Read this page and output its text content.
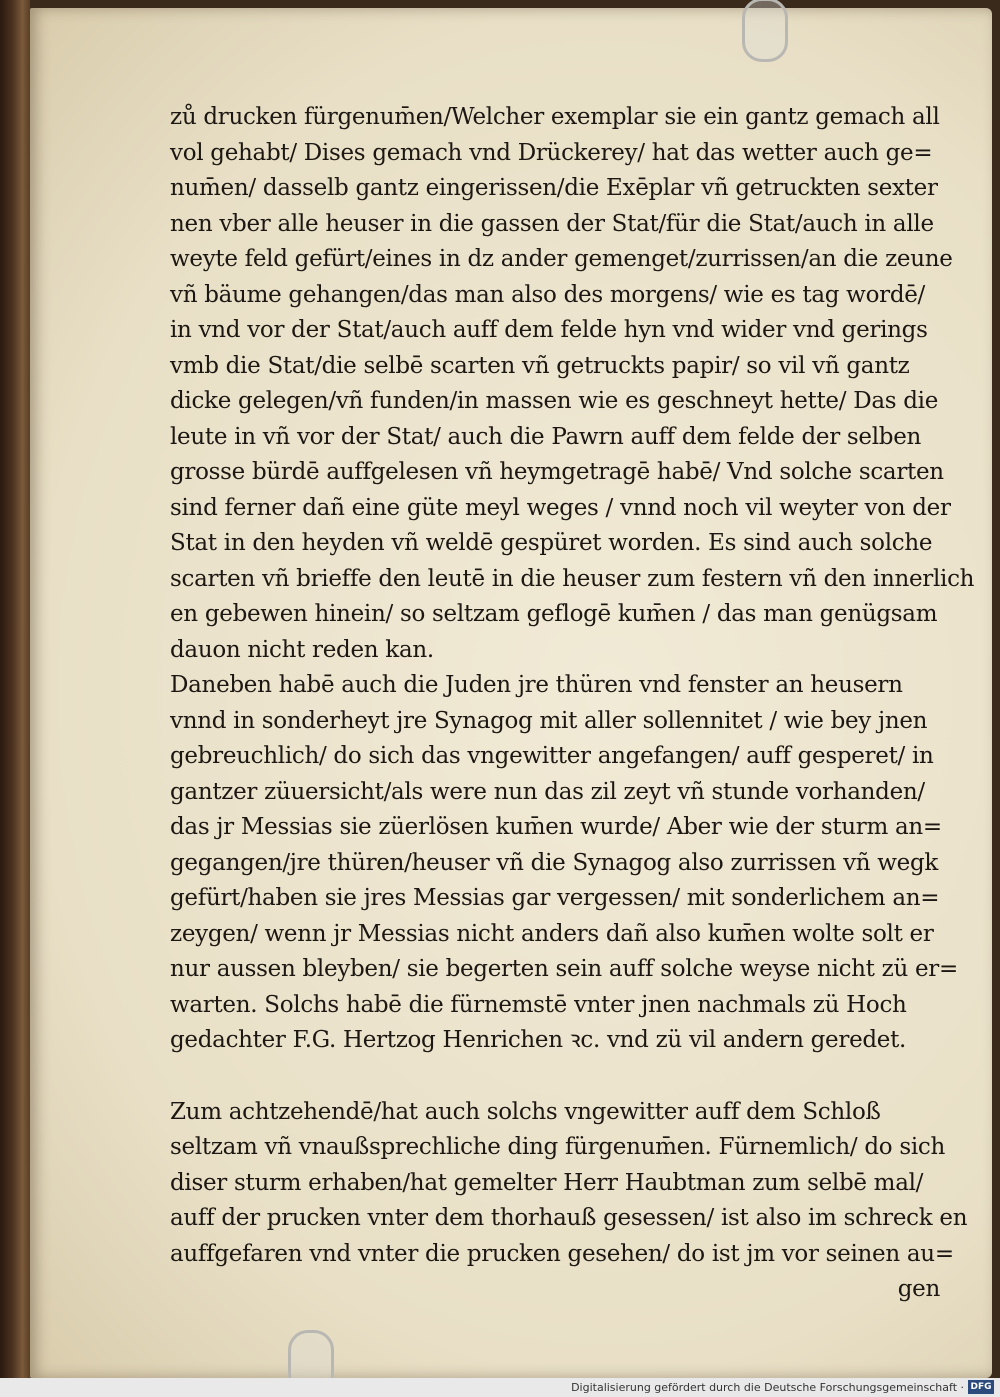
zů drucken fürgenum̄en/Welcher exemplar sie ein gantz gemach all
vol gehabt/ Dises gemach vnd Drückerey/ hat das wetter auch ge=
num̄en/ dasselb gantz eingerissen/die Exēplar vñ getruckten sexter
nen vber alle heuser in die gassen der Stat/für die Stat/auch in alle
weyte feld gefürt/eines in dz ander gemenget/zurrissen/an die zeune
vñ bäume gehangen/das man also des morgens/ wie es tag wordē/
in vnd vor der Stat/auch auff dem felde hyn vnd wider vnd gerings
vmb die Stat/die selbē scarten vñ getruckts papir/ so vil vñ gantz
dicke gelegen/vñ funden/in massen wie es geschneyt hette/ Das die
leute in vñ vor der Stat/ auch die Pawrn auff dem felde der selben
grosse bürdē auffgelesen vñ heymgetragē habē/ Vnd solche scarten
sind ferner dañ eine güte meyl weges / vnnd noch vil weyter von der
Stat in den heyden vñ weldē gespüret worden. Es sind auch solche
scarten vñ brieffe den leutē in die heuser zum festern vñ den innerlich
en gebewen hinein/ so seltzam geflogē kum̄en / das man genügsam
dauon nicht reden kan.
Daneben habē auch die Juden jre thüren vnd fenster an heusern
vnnd in sonderheyt jre Synagog mit aller sollennitet / wie bey jnen
gebreuchlich/ do sich das vngewitter angefangen/ auff gesperet/ in
gantzer züuersicht/als were nun das zil zeyt vñ stunde vorhanden/
das jr Messias sie züerlösen kum̄en wurde/ Aber wie der sturm an=
gegangen/jre thüren/heuser vñ die Synagog also zurrissen vñ wegk
gefürt/haben sie jres Messias gar vergessen/ mit sonderlichem an=
zeygen/ wenn jr Messias nicht anders dañ also kum̄en wolte solt er
nur aussen bleyben/ sie begerten sein auff solche weyse nicht zü er=
warten. Solchs habē die fürnemstē vnter jnen nachmals zü Hoch
gedachter F.G. Hertzog Henrichen ꝛc. vnd zü vil andern geredet.
Zum achtzehendē/hat auch solchs vngewitter auff dem Schloß
seltzam vñ vnaußsprechliche ding fürgenum̄en. Fürnemlich/ do sich
diser sturm erhaben/hat gemelter Herr Haubtman zum selbē mal/
auff der prucken vnter dem thorhauß gesessen/ ist also im schreck en
auffgefaren vnd vnter die prucken gesehen/ do ist jm vor seinen au=
gen
Digitalisierung gefördert durch die Deutsche Forschungsgemeinschaft · DFG
